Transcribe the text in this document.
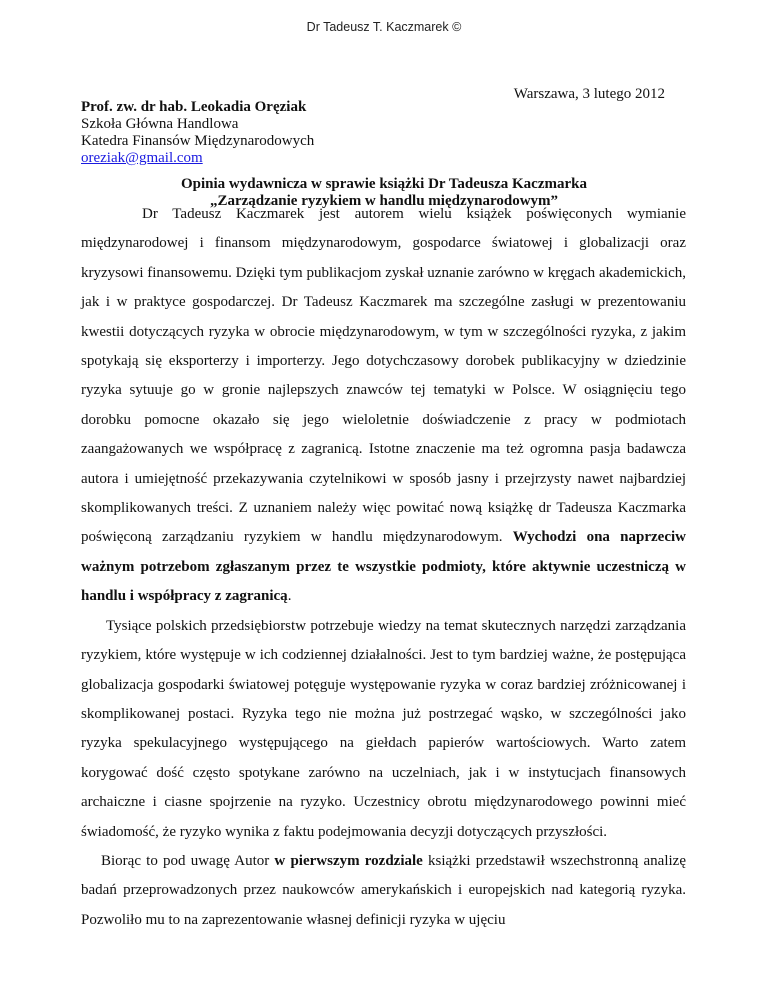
Dr Tadeusz T. Kaczmarek ©
Warszawa, 3 lutego 2012
Prof. zw. dr hab. Leokadia Oręziak
Szkoła Główna Handlowa
Katedra Finansów Międzynarodowych
oreziak@gmail.com
Opinia wydawnicza w sprawie książki Dr Tadeusza Kaczmarka
„Zarządzanie ryzykiem w handlu międzynarodowym”

Dr Tadeusz Kaczmarek jest autorem wielu książek poświęconych wymianie międzynarodowej i finansom międzynarodowym, gospodarce światowej i globalizacji oraz kryzysowi finansowemu. Dzięki tym publikacjom zyskał uznanie zarówno w kręgach akademickich, jak i w praktyce gospodarczej. Dr Tadeusz Kaczmarek ma szczególne zasługi w prezentowaniu kwestii dotyczących ryzyka w obrocie międzynarodowym, w tym w szczególności ryzyka, z jakim spotykają się eksporterzy i importerzy. Jego dotychczasowy dorobek publikacyjny w dziedzinie ryzyka sytuuje go w gronie najlepszych znawców tej tematyki w Polsce. W osiągnięciu tego dorobku pomocne okazało się jego wieloletnie doświadczenie z pracy w podmiotach zaangażowanych we współpracę z zagranicą. Istotne znaczenie ma też ogromna pasja badawcza autora i umiejętność przekazywania czytelnikowi w sposób jasny i przejrzysty nawet najbardziej skomplikowanych treści. Z uznaniem należy więc powitać nową książkę dr Tadeusza Kaczmarka poświęconą zarządzaniu ryzykiem w handlu międzynarodowym. Wychodzi ona naprzeciw ważnym potrzebom zgłaszanym przez te wszystkie podmioty, które aktywnie uczestniczą w handlu i współpracy z zagranicą.

Tysiące polskich przedsiębiorstw potrzebuje wiedzy na temat skutecznych narzędzi zarządzania ryzykiem, które występuje w ich codziennej działalności. Jest to tym bardziej ważne, że postępująca globalizacja gospodarki światowej potęguje występowanie ryzyka w coraz bardziej zróżnicowanej i skomplikowanej postaci. Ryzyka tego nie można już postrzegać wąsko, w szczególności jako ryzyka spekulacyjnego występującego na giełdach papierów wartościowych. Warto zatem korygować dość często spotykane zarówno na uczelniach, jak i w instytucjach finansowych archaiczne i ciasne spojrzenie na ryzyko. Uczestnicy obrotu międzynarodowego powinni mieć świadomość, że ryzyko wynika z faktu podejmowania decyzji dotyczących przyszłości.

Biorąc to pod uwagę Autor w pierwszym rozdziale książki przedstawił wszechstronną analizę badań przeprowadzonych przez naukowców amerykańskich i europejskich nad kategorią ryzyka. Pozwoliło mu to na zaprezentowanie własnej definicji ryzyka w ujęciu
